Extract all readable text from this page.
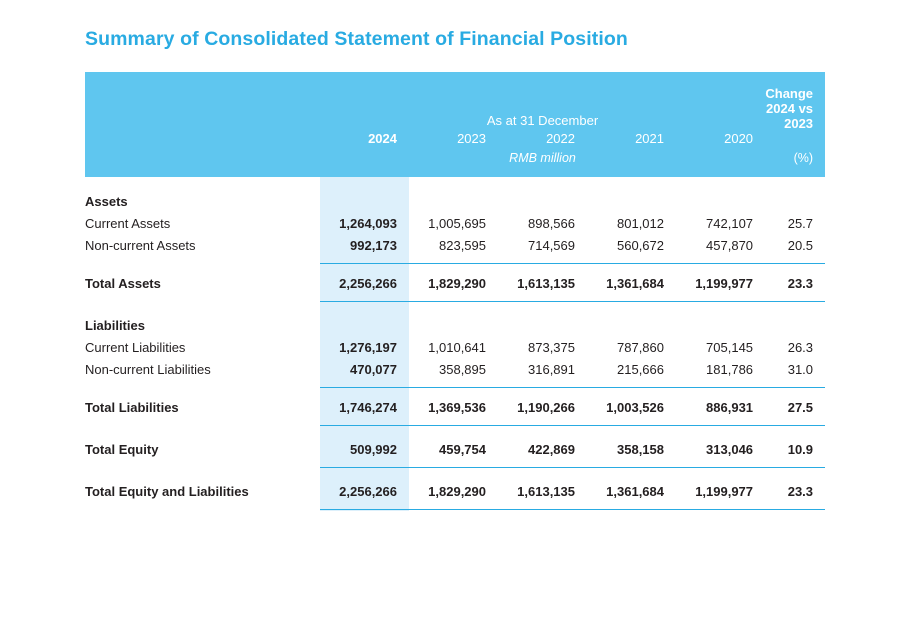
Summary of Consolidated Statement of Financial Position
	As at 31 December					Change
2024 vs
2023

	2024	2023	2022	2021	2020	
	RMB million					(%)

Assets						
Current Assets	1,264,093	1,005,695	898,566	801,012	742,107	25.7
Non-current Assets	992,173	823,595	714,569	560,672	457,870	20.5

Total Assets	2,256,266	1,829,290	1,613,135	1,361,684	1,199,977	23.3

Liabilities						
Current Liabilities	1,276,197	1,010,641	873,375	787,860	705,145	26.3
Non-current Liabilities	470,077	358,895	316,891	215,666	181,786	31.0

Total Liabilities	1,746,274	1,369,536	1,190,266	1,003,526	886,931	27.5

Total Equity	509,992	459,754	422,869	358,158	313,046	10.9

Total Equity and Liabilities	2,256,266	1,829,290	1,613,135	1,361,684	1,199,977	23.3
